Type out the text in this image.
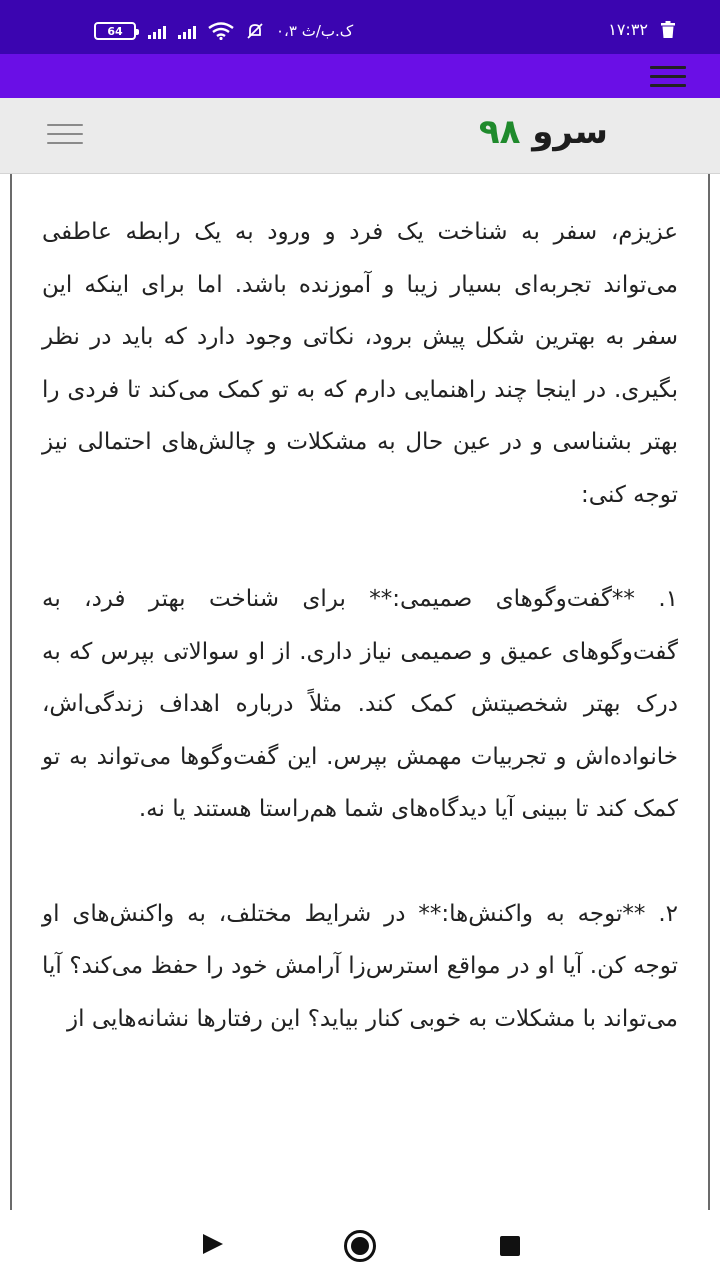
64	۰،۳ ک.ب/ث	۱۷:۳۲
سرو ۹۸

عزیزم، سفر به شناخت یک فرد و ورود به یک رابطه عاطفی می‌تواند تجربه‌ای بسیار زیبا و آموزنده باشد. اما برای اینکه این سفر به بهترین شکل پیش برود، نکاتی وجود دارد که باید در نظر بگیری. در اینجا چند راهنمایی دارم که به تو کمک می‌کند تا فردی را بهتر بشناسی و در عین حال به مشکلات و چالش‌های احتمالی نیز توجه کنی:

۱. **گفت‌وگوهای صمیمی:** برای شناخت بهتر فرد، به گفت‌وگوهای عمیق و صمیمی نیاز داری. از او سوالاتی بپرس که به درک بهتر شخصیتش کمک کند. مثلاً درباره اهداف زندگی‌اش، خانواده‌اش و تجربیات مهمش بپرس. این گفت‌وگوها می‌تواند به تو کمک کند تا ببینی آیا دیدگاه‌های شما هم‌راستا هستند یا نه.

۲. **توجه به واکنش‌ها:** در شرایط مختلف، به واکنش‌های او توجه کن. آیا او در مواقع استرس‌زا آرامش خود را حفظ می‌کند؟ آیا می‌تواند با مشکلات به خوبی کنار بیاید؟ این رفتارها نشانه‌هایی از
